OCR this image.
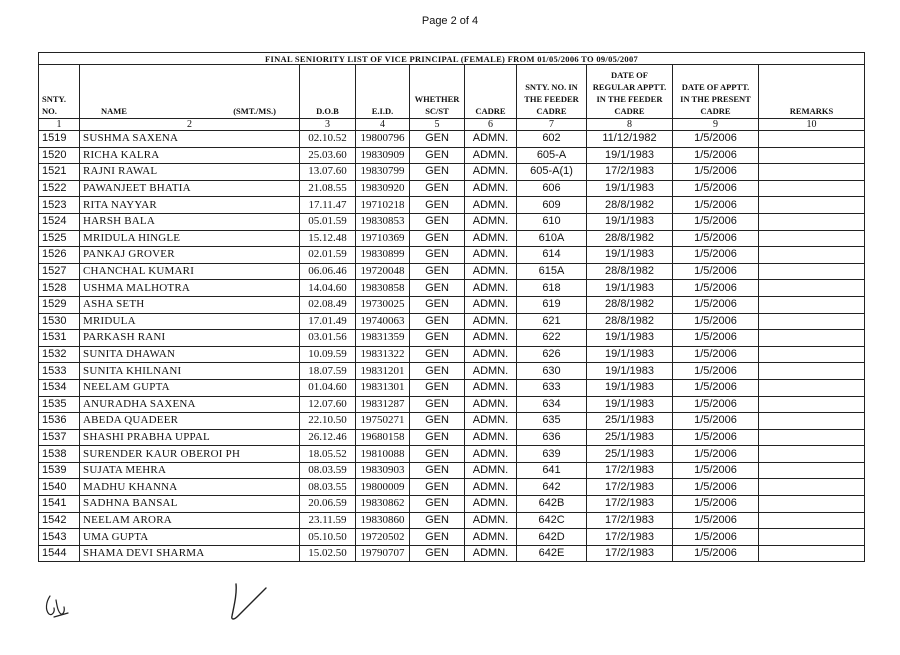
Page 2 of 4
FINAL SENIORITY LIST OF VICE PRINCIPAL (FEMALE) FROM 01/05/2006 TO 09/05/2007									
SNTY. NO.	NAME (SMT./MS.)	D.O.B	E.I.D.	WHETHER SC/ST	CADRE	SNTY. NO. IN THE FEEDER CADRE	DATE OF REGULAR APPTT. IN THE FEEDER CADRE	DATE OF APPTT. IN THE PRESENT CADRE	REMARKS
1	2	3	4	5	6	7	8	9	10
1519	SUSHMA SAXENA	02.10.52	19800796	GEN	ADMN.	602	11/12/1982	1/5/2006	
1520	RICHA KALRA	25.03.60	19830909	GEN	ADMN.	605-A	19/1/1983	1/5/2006	
1521	RAJNI RAWAL	13.07.60	19830799	GEN	ADMN.	605-A(1)	17/2/1983	1/5/2006	
1522	PAWANJEET BHATIA	21.08.55	19830920	GEN	ADMN.	606	19/1/1983	1/5/2006	
1523	RITA NAYYAR	17.11.47	19710218	GEN	ADMN.	609	28/8/1982	1/5/2006	
1524	HARSH BALA	05.01.59	19830853	GEN	ADMN.	610	19/1/1983	1/5/2006	
1525	MRIDULA HINGLE	15.12.48	19710369	GEN	ADMN.	610A	28/8/1982	1/5/2006	
1526	PANKAJ GROVER	02.01.59	19830899	GEN	ADMN.	614	19/1/1983	1/5/2006	
1527	CHANCHAL KUMARI	06.06.46	19720048	GEN	ADMN.	615A	28/8/1982	1/5/2006	
1528	USHMA MALHOTRA	14.04.60	19830858	GEN	ADMN.	618	19/1/1983	1/5/2006	
1529	ASHA SETH	02.08.49	19730025	GEN	ADMN.	619	28/8/1982	1/5/2006	
1530	MRIDULA	17.01.49	19740063	GEN	ADMN.	621	28/8/1982	1/5/2006	
1531	PARKASH RANI	03.01.56	19831359	GEN	ADMN.	622	19/1/1983	1/5/2006	
1532	SUNITA DHAWAN	10.09.59	19831322	GEN	ADMN.	626	19/1/1983	1/5/2006	
1533	SUNITA KHILNANI	18.07.59	19831201	GEN	ADMN.	630	19/1/1983	1/5/2006	
1534	NEELAM GUPTA	01.04.60	19831301	GEN	ADMN.	633	19/1/1983	1/5/2006	
1535	ANURADHA SAXENA	12.07.60	19831287	GEN	ADMN.	634	19/1/1983	1/5/2006	
1536	ABEDA QUADEER	22.10.50	19750271	GEN	ADMN.	635	25/1/1983	1/5/2006	
1537	SHASHI PRABHA UPPAL	26.12.46	19680158	GEN	ADMN.	636	25/1/1983	1/5/2006	
1538	SURENDER KAUR OBEROI PH	18.05.52	19810088	GEN	ADMN.	639	25/1/1983	1/5/2006	
1539	SUJATA MEHRA	08.03.59	19830903	GEN	ADMN.	641	17/2/1983	1/5/2006	
1540	MADHU KHANNA	08.03.55	19800009	GEN	ADMN.	642	17/2/1983	1/5/2006	
1541	SADHNA BANSAL	20.06.59	19830862	GEN	ADMN.	642B	17/2/1983	1/5/2006	
1542	NEELAM ARORA	23.11.59	19830860	GEN	ADMN.	642C	17/2/1983	1/5/2006	
1543	UMA GUPTA	05.10.50	19720502	GEN	ADMN.	642D	17/2/1983	1/5/2006	
1544	SHAMA DEVI SHARMA	15.02.50	19790707	GEN	ADMN.	642E	17/2/1983	1/5/2006	
